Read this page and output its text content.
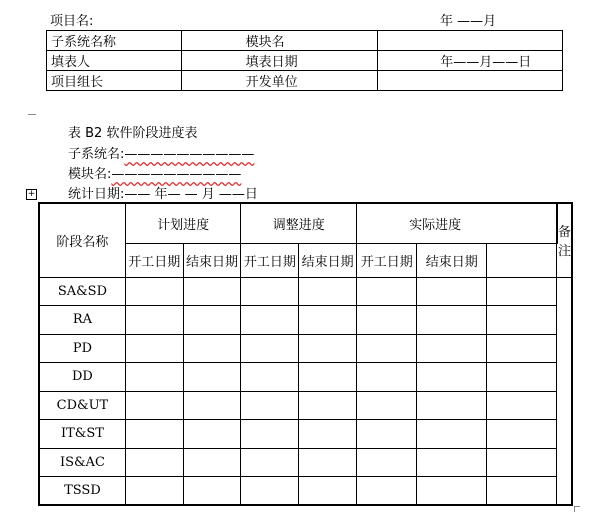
项目名:	年 ——月
子系统名称	模块名	
填表人	填表日期	年——月——日
项目组长	开发单位	
表 B2 软件阶段进度表
子系统名:——————————
模块名:——————————
统计日期:—— 年— — 月 ——日
+
阶段名称	计划进度		调整进度		实际进度			备注
	开工日期	结束日期	开工日期	结束日期	开工日期	结束日期		
SA&SD								
RA								
PD								
DD								
CD&UT								
IT&ST								
IS&AC								
TSSD								
